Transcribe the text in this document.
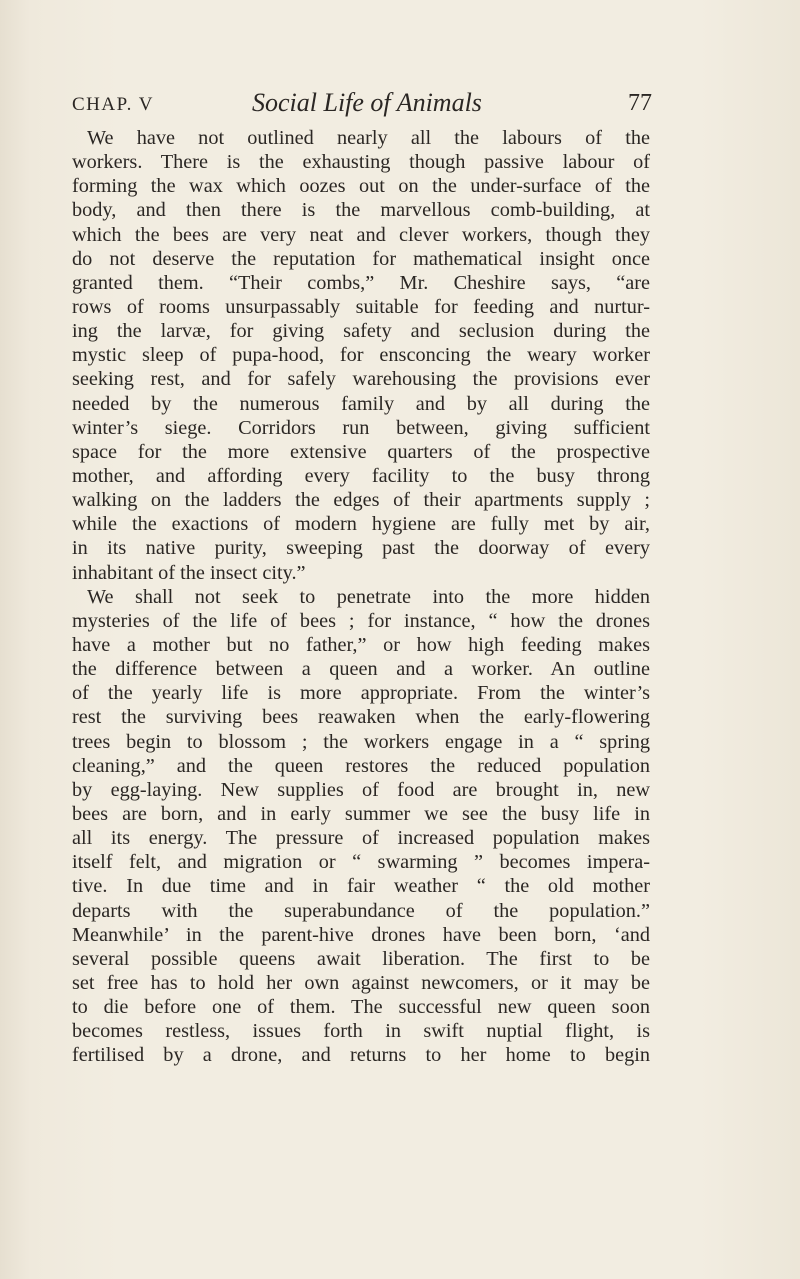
CHAP. V	Social Life of Animals	77
We have not outlined nearly all the labours of the
workers. There is the exhausting though passive labour of
forming the wax which oozes out on the under-surface of the
body, and then there is the marvellous comb-building, at
which the bees are very neat and clever workers, though they
do not deserve the reputation for mathematical insight once
granted them. “Their combs,” Mr. Cheshire says, “are
rows of rooms unsurpassably suitable for feeding and nurtur-
ing the larvæ, for giving safety and seclusion during the
mystic sleep of pupa-hood, for ensconcing the weary worker
seeking rest, and for safely warehousing the provisions ever
needed by the numerous family and by all during the
winter’s siege. Corridors run between, giving sufficient
space for the more extensive quarters of the prospective
mother, and affording every facility to the busy throng
walking on the ladders the edges of their apartments supply ;
while the exactions of modern hygiene are fully met by air,
in its native purity, sweeping past the doorway of every
inhabitant of the insect city.”
We shall not seek to penetrate into the more hidden
mysteries of the life of bees ; for instance, “ how the drones
have a mother but no father,” or how high feeding makes
the difference between a queen and a worker. An outline
of the yearly life is more appropriate. From the winter’s
rest the surviving bees reawaken when the early-flowering
trees begin to blossom ; the workers engage in a “ spring
cleaning,” and the queen restores the reduced population
by egg-laying. New supplies of food are brought in, new
bees are born, and in early summer we see the busy life in
all its energy. The pressure of increased population makes
itself felt, and migration or “ swarming ” becomes impera-
tive. In due time and in fair weather “ the old mother
departs with the superabundance of the population.”
Meanwhile’ in the parent-hive drones have been born, ‘and
several possible queens await liberation. The first to be
set free has to hold her own against newcomers, or it may be
to die before one of them. The successful new queen soon
becomes restless, issues forth in swift nuptial flight, is
fertilised by a drone, and returns to her home to begin
